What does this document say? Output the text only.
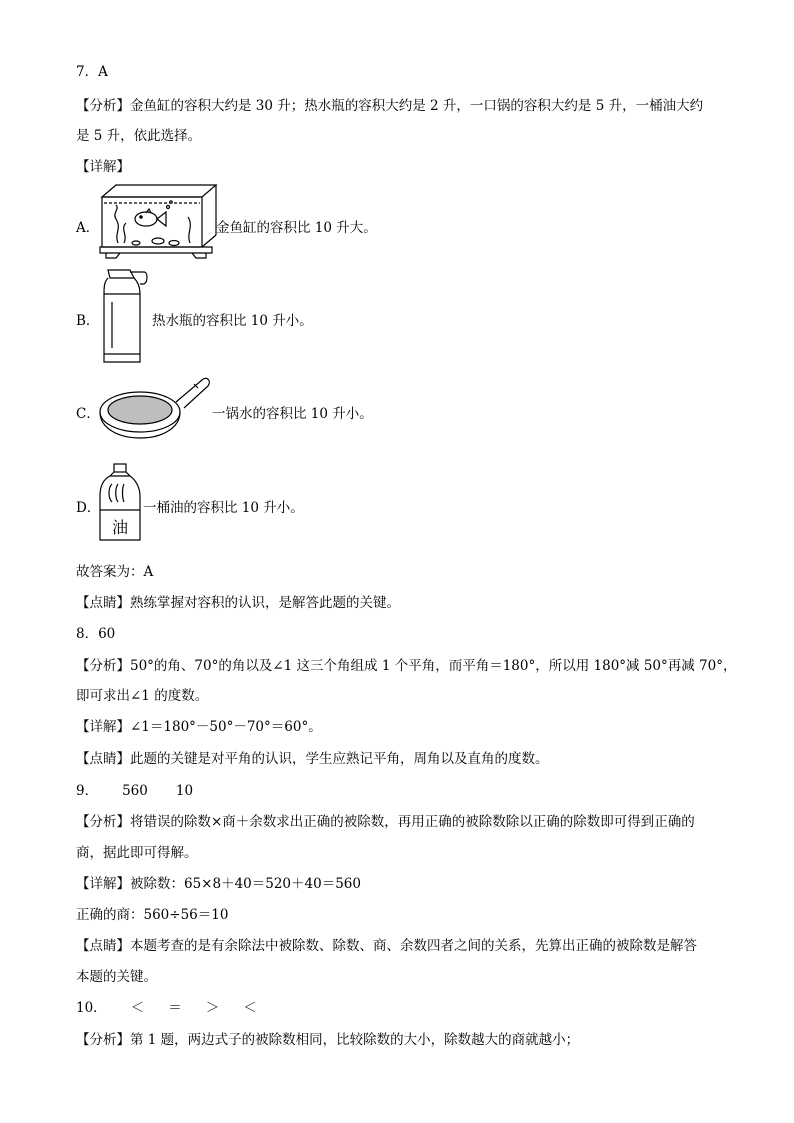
7．A
【分析】金鱼缸的容积大约是 30 升；热水瓶的容积大约是 2 升，一口锅的容积大约是 5 升，一桶油大约
是 5 升，依此选择。
【详解】
A．	金鱼缸的容积比 10 升大。
B．	热水瓶的容积比 10 升小。
C．	一锅水的容积比 10 升小。
D．
油
一桶油的容积比 10 升小。
故答案为：A
【点睛】熟练掌握对容积的认识，是解答此题的关键。
8．60
【分析】50°的角、70°的角以及∠1 这三个角组成 1 个平角，而平角＝180°，所以用 180°减 50°再减 70°，
即可求出∠1 的度数。
【详解】∠1＝180°－50°－70°＝60°。
【点睛】此题的关键是对平角的认识，学生应熟记平角，周角以及直角的度数。
9． 560 10
【分析】将错误的除数×商＋余数求出正确的被除数，再用正确的被除数除以正确的除数即可得到正确的
商，据此即可得解。
【详解】被除数：65×8＋40＝520＋40＝560
正确的商：560÷56＝10
【点睛】本题考查的是有余除法中被除数、除数、商、余数四者之间的关系，先算出正确的被除数是解答
本题的关键。
10． ＜ ＝ ＞ ＜
【分析】第 1 题，两边式子的被除数相同，比较除数的大小，除数越大的商就越小；
